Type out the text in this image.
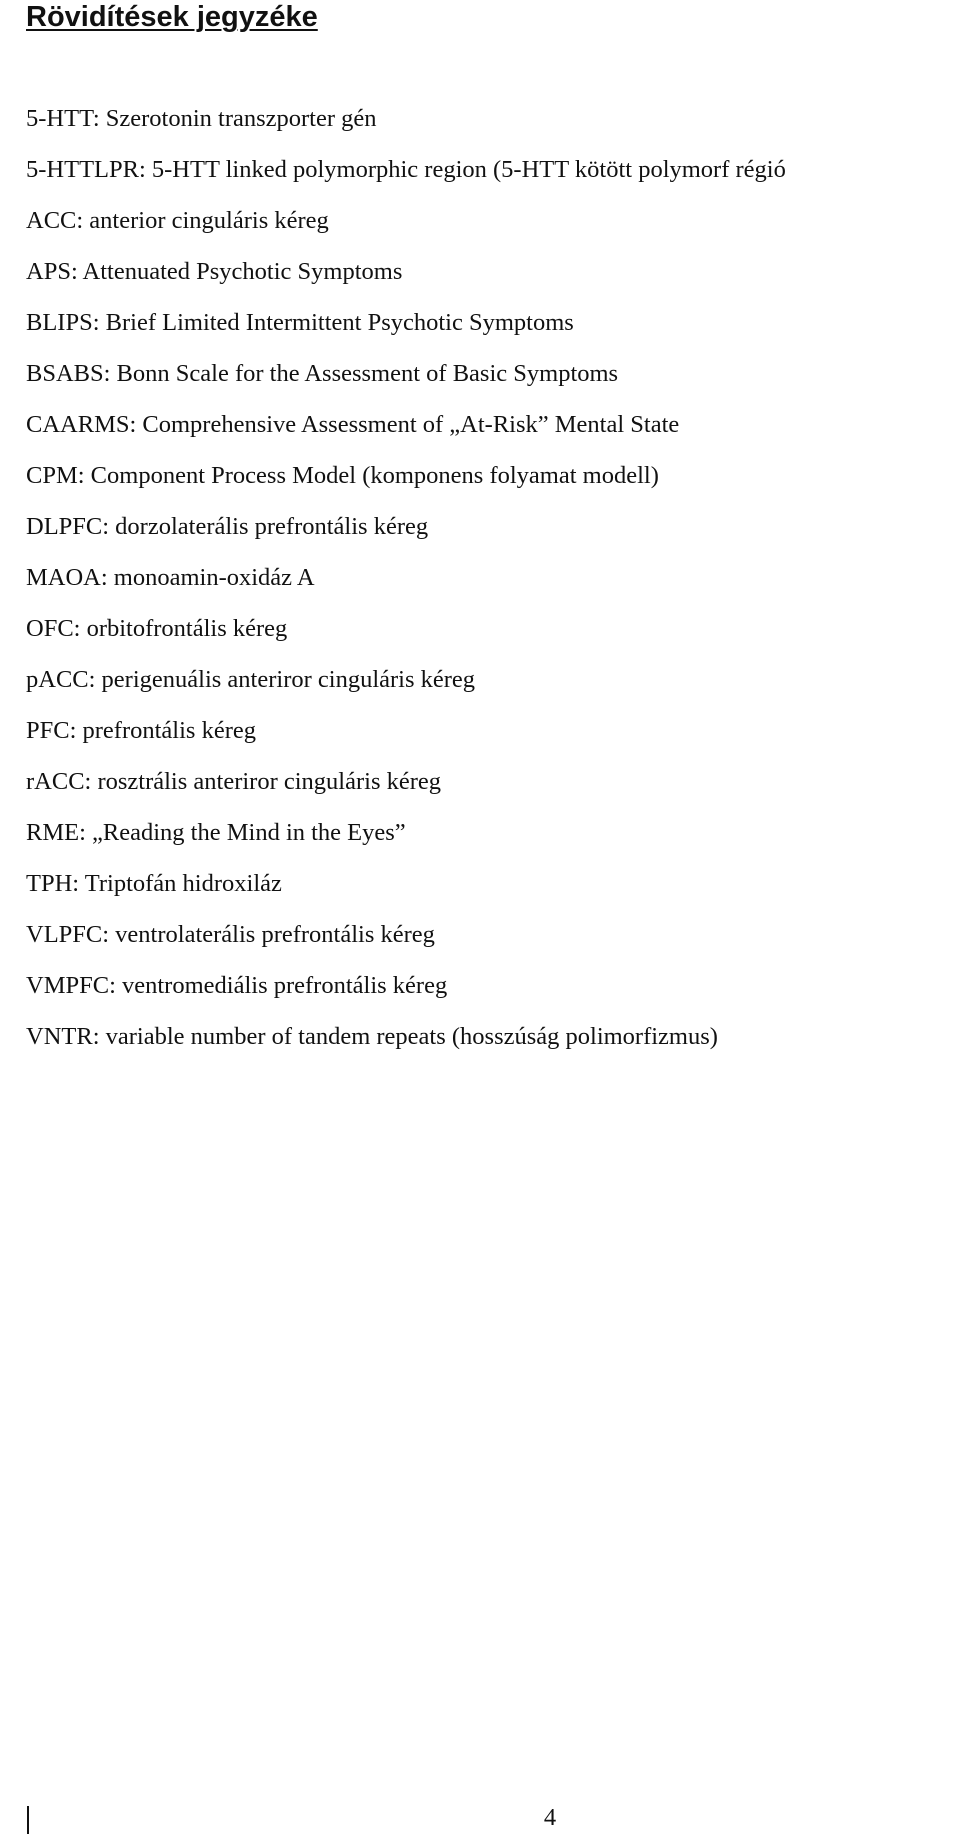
Rövidítések jegyzéke
5-HTT: Szerotonin transzporter gén
5-HTTLPR: 5-HTT linked polymorphic region (5-HTT kötött polymorf régió
ACC: anterior cinguláris kéreg
APS: Attenuated Psychotic Symptoms
BLIPS: Brief Limited Intermittent Psychotic Symptoms
BSABS: Bonn Scale for the Assessment of Basic Symptoms
CAARMS: Comprehensive Assessment of „At-Risk” Mental State
CPM: Component Process Model (komponens folyamat modell)
DLPFC: dorzolaterális prefrontális kéreg
MAOA: monoamin-oxidáz A
OFC: orbitofrontális kéreg
pACC: perigenuális anteriror cinguláris kéreg
PFC: prefrontális kéreg
rACC: rosztrális anteriror cinguláris kéreg
RME: „Reading the Mind in the Eyes”
TPH: Triptofán hidroxiláz
VLPFC: ventrolaterális prefrontális kéreg
VMPFC: ventromediális prefrontális kéreg
VNTR: variable number of tandem repeats (hosszúság polimorfizmus)
4
